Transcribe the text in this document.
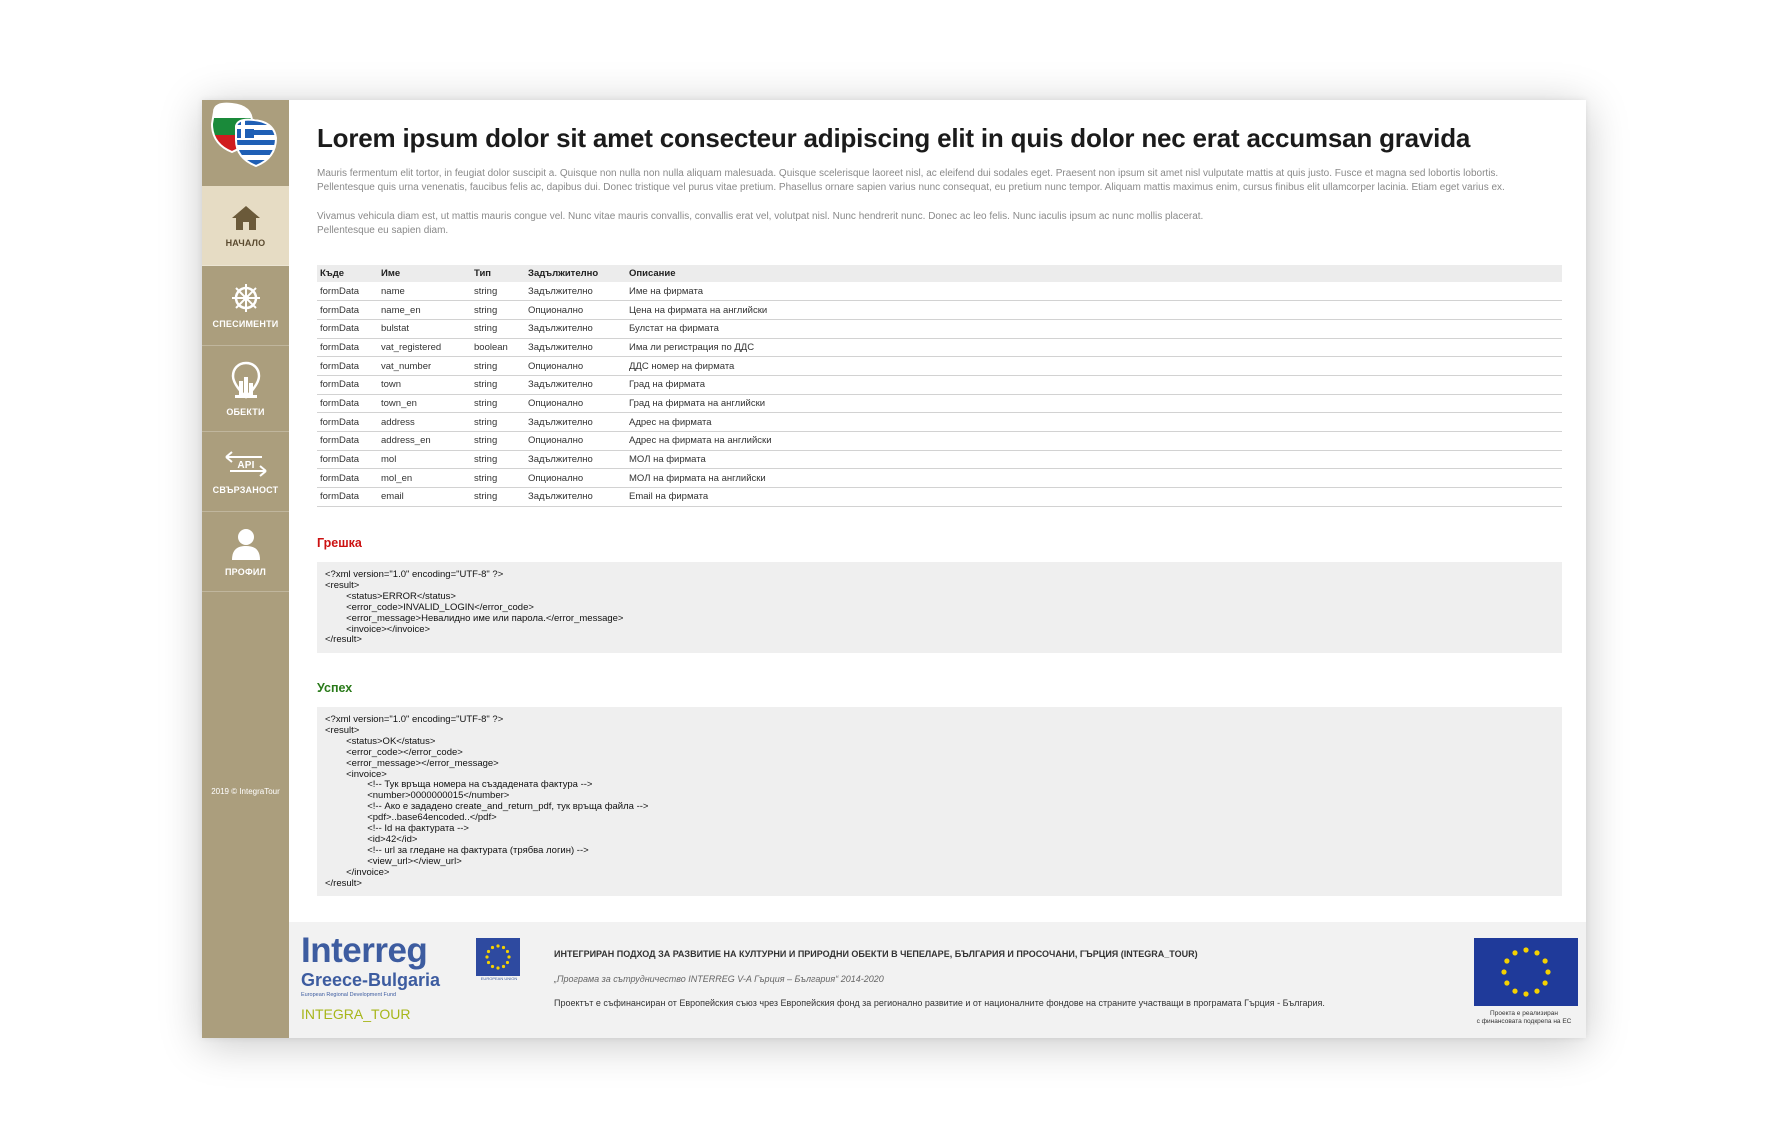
НАЧАЛО
СПЕСИМЕНТИ
ОБЕКТИ
API
СВЪРЗАНОСТ
ПРОФИЛ
2019 © IntegraTour
Lorem ipsum dolor sit amet consecteur adipiscing elit in quis dolor nec erat accumsan gravida
Mauris fermentum elit tortor, in feugiat dolor suscipit a. Quisque non nulla non nulla aliquam malesuada. Quisque scelerisque laoreet nisl, ac eleifend dui sodales eget. Praesent non ipsum sit amet nisl vulputate mattis at quis justo. Fusce et magna sed lobortis lobortis.
Pellentesque quis urna venenatis, faucibus felis ac, dapibus dui. Donec tristique vel purus vitae pretium. Phasellus ornare sapien varius nunc consequat, eu pretium nunc tempor. Aliquam mattis maximus enim, cursus finibus elit ullamcorper lacinia. Etiam eget varius ex.
Vivamus vehicula diam est, ut mattis mauris congue vel. Nunc vitae mauris convallis, convallis erat vel, volutpat nisl. Nunc hendrerit nunc. Donec ac leo felis. Nunc iaculis ipsum ac nunc mollis placerat.
Pellentesque eu sapien diam.
Къде	Име	Тип	Задължително	Описание
formData	name	string	Задължително	Име на фирмата
formData	name_en	string	Опционално	Цена на фирмата на английски
formData	bulstat	string	Задължително	Булстат на фирмата
formData	vat_registered	boolean	Задължително	Има ли регистрация по ДДС
formData	vat_number	string	Опционално	ДДС номер на фирмата
formData	town	string	Задължително	Град на фирмата
formData	town_en	string	Опционално	Град на фирмата на английски
formData	address	string	Задължително	Адрес на фирмата
formData	address_en	string	Опционално	Адрес на фирмата на английски
formData	mol	string	Задължително	МОЛ на фирмата
formData	mol_en	string	Опционално	МОЛ на фирмата на английски
formData	email	string	Задължително	Email на фирмата
Грешка
<?xml version="1.0" encoding="UTF-8" ?>
<result>
<status>ERROR</status>
<error_code>INVALID_LOGIN</error_code>
<error_message>Невалидно име или парола.</error_message>
<invoice></invoice>
</result>
Успех
<?xml version="1.0" encoding="UTF-8" ?>
<result>
<status>OK</status>
<error_code></error_code>
<error_message></error_message>
<invoice>
<!-- Тук връща номера на създадената фактура -->
<number>0000000015</number>
<!-- Ако е зададено create_and_return_pdf, тук връща файла -->
<pdf>..base64encoded..</pdf>
<!-- Id на фактурата -->
<id>42</id>
<!-- url за гледане на фактурата (трябва логин) -->
<view_url></view_url>
</invoice>
</result>
Interreg
Greece-Bulgaria
European Regional Development Fund
INTEGRA_TOUR
EUROPEAN UNION
ИНТЕГРИРАН ПОДХОД ЗА РАЗВИТИЕ НА КУЛТУРНИ И ПРИРОДНИ ОБЕКТИ В ЧЕПЕЛАРЕ, БЪЛГАРИЯ И ПРОСОЧАНИ, ГЪРЦИЯ (INTEGRA_TOUR)
„Програма за сътрудничество INTERREG V-A Гърция – България“ 2014-2020
Проектът е съфинансиран от Европейския съюз чрез Европейския фонд за регионално развитие и от националните фондове на страните участващи в програмата Гърция - България.
Проекта е реализиран
с финансовата подкрепа на ЕС
